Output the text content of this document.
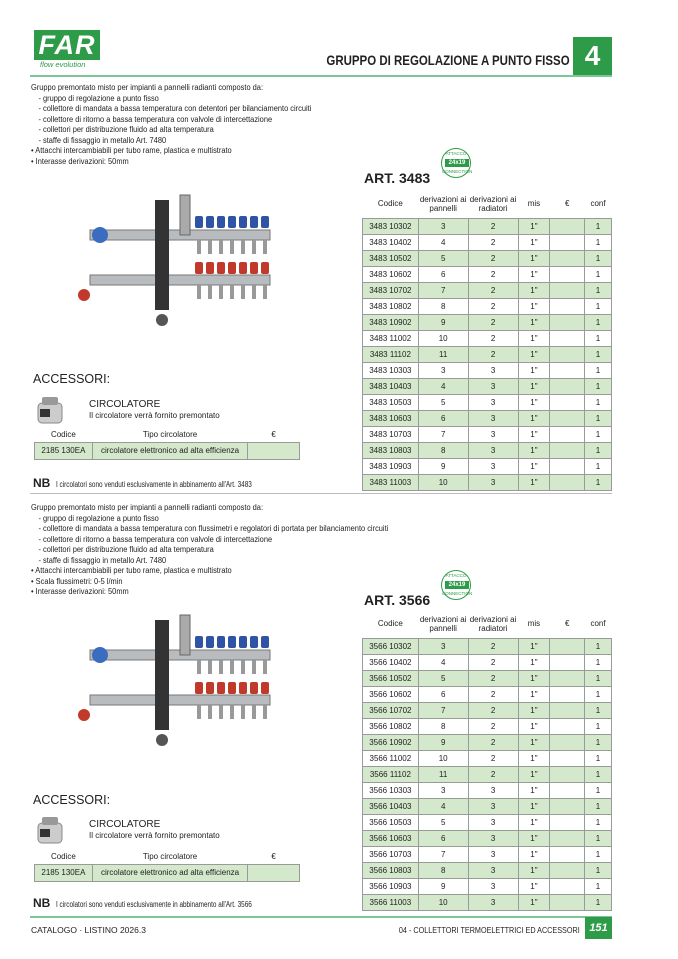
FAR
flow evolution	GRUPPO DI REGOLAZIONE A PUNTO FISSO 4
Gruppo premontato misto per impianti a pannelli radianti composto da:
- gruppo di regolazione a punto fisso
- collettore di mandata a bassa temperatura con detentori per bilanciamento circuiti
- collettore di ritorno a bassa temperatura con valvole di intercettazione
- collettori per distribuzione fluido ad alta temperatura
- staffe di fissaggio in metallo Art. 7480
• Attacchi intercambiabili per tubo rame, plastica e multistrato
• Interasse derivazioni: 50mm
ART. 3483
ATTACCO
24x19
CONNECTION
Codice	derivazioni ai pannelli	derivazioni ai radiatori	mis	€	conf
3483 10302	3	2	1"		1
3483 10402	4	2	1"		1
3483 10502	5	2	1"		1
3483 10602	6	2	1"		1
3483 10702	7	2	1"		1
3483 10802	8	2	1"		1
3483 10902	9	2	1"		1
3483 11002	10	2	1"		1
3483 11102	11	2	1"		1
3483 10303	3	3	1"		1
3483 10403	4	3	1"		1
3483 10503	5	3	1"		1
3483 10603	6	3	1"		1
3483 10703	7	3	1"		1
3483 10803	8	3	1"		1
3483 10903	9	3	1"		1
3483 11003	10	3	1"		1
ACCESSORI:
CIRCOLATORE
Il circolatore verrà fornito premontato
Codice	Tipo circolatore	€
2185 130EA	circolatore elettronico ad alta efficienza	
NB I circolatori sono venduti esclusivamente in abbinamento all'Art. 3483
Gruppo premontato misto per impianti a pannelli radianti composto da:
- gruppo di regolazione a punto fisso
- collettore di mandata a bassa temperatura con flussimetri e regolatori di portata per bilanciamento circuiti
- collettore di ritorno a bassa temperatura con valvole di intercettazione
- collettori per distribuzione fluido ad alta temperatura
- staffe di fissaggio in metallo Art. 7480
• Attacchi intercambiabili per tubo rame, plastica e multistrato
• Scala flussimetri: 0-5 l/min
• Interasse derivazioni: 50mm
ART. 3566
ATTACCO
24x19
CONNECTION
Codice	derivazioni ai pannelli	derivazioni ai radiatori	mis	€	conf
3566 10302	3	2	1"		1
3566 10402	4	2	1"		1
3566 10502	5	2	1"		1
3566 10602	6	2	1"		1
3566 10702	7	2	1"		1
3566 10802	8	2	1"		1
3566 10902	9	2	1"		1
3566 11002	10	2	1"		1
3566 11102	11	2	1"		1
3566 10303	3	3	1"		1
3566 10403	4	3	1"		1
3566 10503	5	3	1"		1
3566 10603	6	3	1"		1
3566 10703	7	3	1"		1
3566 10803	8	3	1"		1
3566 10903	9	3	1"		1
3566 11003	10	3	1"		1
ACCESSORI:
CIRCOLATORE
Il circolatore verrà fornito premontato
Codice	Tipo circolatore	€
2185 130EA	circolatore elettronico ad alta efficienza	
NB I circolatori sono venduti esclusivamente in abbinamento all'Art. 3566
CATALOGO · LISTINO 2026.3	04 - COLLETTORI TERMOELETTRICI ED ACCESSORI 151
